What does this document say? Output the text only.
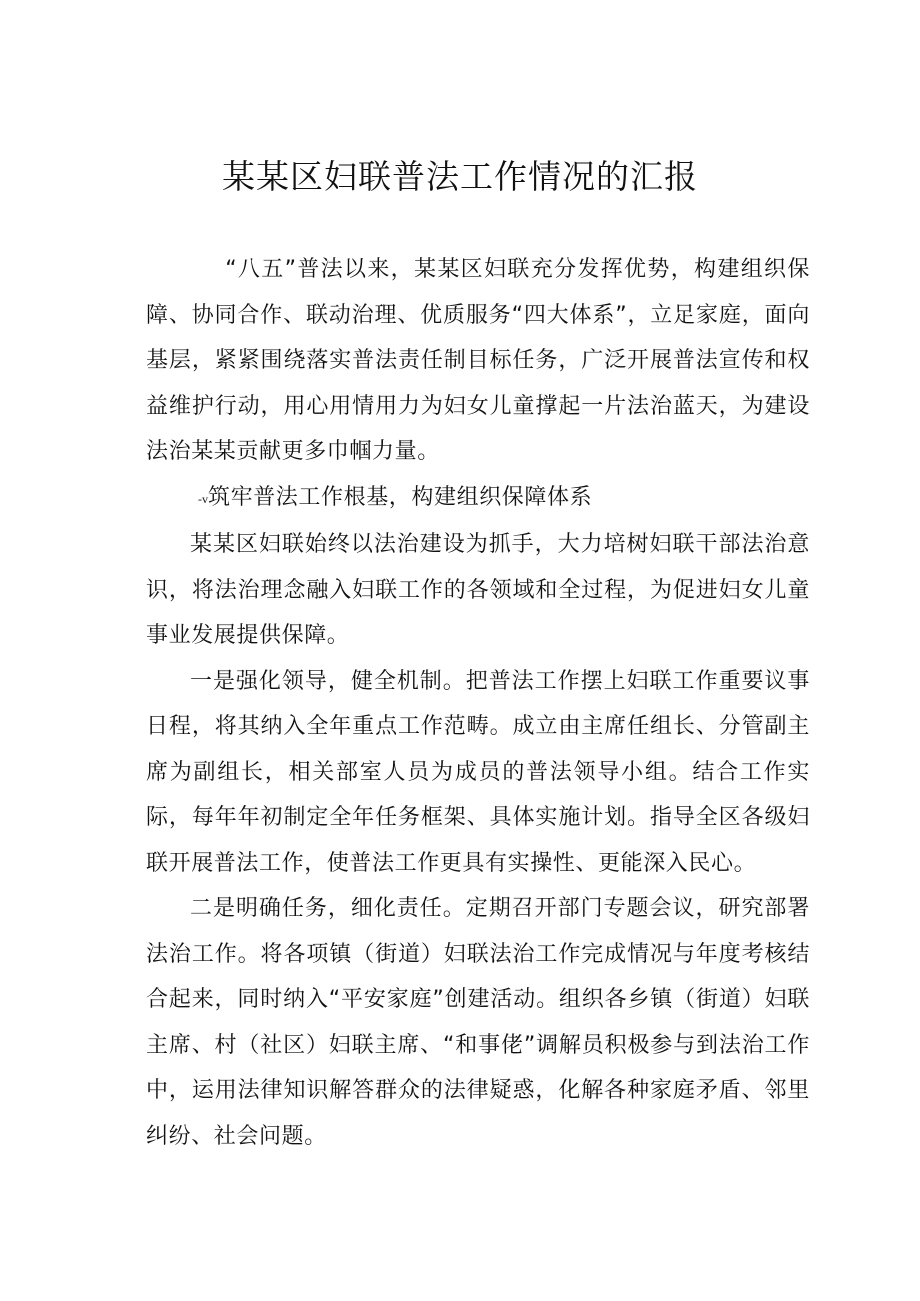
某某区妇联普法工作情况的汇报

“八五”普法以来，某某区妇联充分发挥优势，构建组织保障、协同合作、联动治理、优质服务“四大体系”，立足家庭，面向基层，紧紧围绕落实普法责任制目标任务，广泛开展普法宣传和权益维护行动，用心用情用力为妇女儿童撑起一片法治蓝天，为建设法治某某贡献更多巾帼力量。

-v筑牢普法工作根基，构建组织保障体系

某某区妇联始终以法治建设为抓手，大力培树妇联干部法治意识，将法治理念融入妇联工作的各领域和全过程，为促进妇女儿童事业发展提供保障。

一是强化领导，健全机制。把普法工作摆上妇联工作重要议事日程，将其纳入全年重点工作范畴。成立由主席任组长、分管副主席为副组长，相关部室人员为成员的普法领导小组。结合工作实际，每年年初制定全年任务框架、具体实施计划。指导全区各级妇联开展普法工作，使普法工作更具有实操性、更能深入民心。

二是明确任务，细化责任。定期召开部门专题会议，研究部署法治工作。将各项镇（街道）妇联法治工作完成情况与年度考核结合起来，同时纳入“平安家庭”创建活动。组织各乡镇（街道）妇联主席、村（社区）妇联主席、“和事佬”调解员积极参与到法治工作中，运用法律知识解答群众的法律疑惑，化解各种家庭矛盾、邻里纠纷、社会问题。
